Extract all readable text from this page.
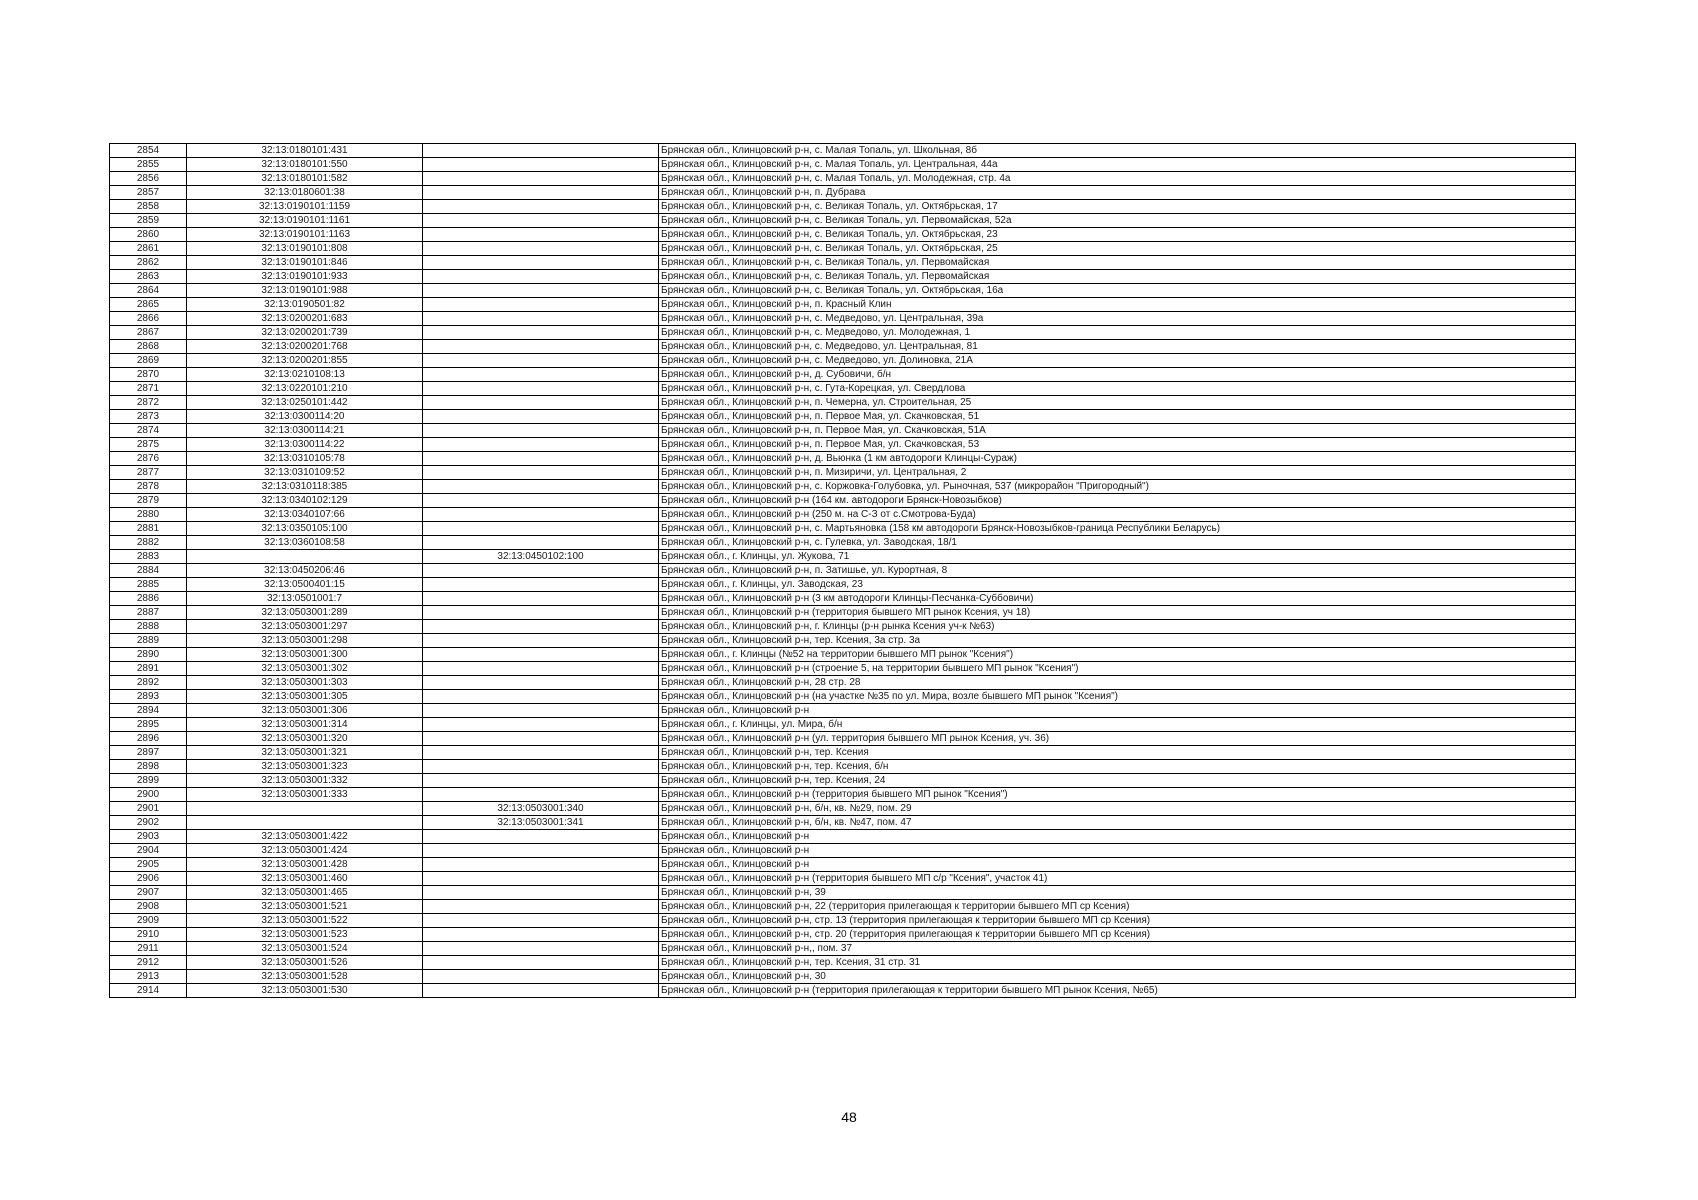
2854	32:13:0180101:431		Брянская обл., Клинцовский р-н, с. Малая Топаль, ул. Школьная, 8б
2855	32:13:0180101:550		Брянская обл., Клинцовский р-н, с. Малая Топаль, ул. Центральная, 44а
2856	32:13:0180101:582		Брянская обл., Клинцовский р-н, с. Малая Топаль, ул. Молодежная, стр. 4а
2857	32:13:0180601:38		Брянская обл., Клинцовский р-н, п. Дубрава
2858	32:13:0190101:1159		Брянская обл., Клинцовский р-н, с. Великая Топаль, ул. Октябрьская, 17
2859	32:13:0190101:1161		Брянская обл., Клинцовский р-н, с. Великая Топаль, ул. Первомайская, 52а
2860	32:13:0190101:1163		Брянская обл., Клинцовский р-н, с. Великая Топаль, ул. Октябрьская, 23
2861	32:13:0190101:808		Брянская обл., Клинцовский р-н, с. Великая Топаль, ул. Октябрьская, 25
2862	32:13:0190101:846		Брянская обл., Клинцовский р-н, с. Великая Топаль, ул. Первомайская
2863	32:13:0190101:933		Брянская обл., Клинцовский р-н, с. Великая Топаль, ул. Первомайская
2864	32:13:0190101:988		Брянская обл., Клинцовский р-н, с. Великая Топаль, ул. Октябрьская, 16а
2865	32:13:0190501:82		Брянская обл., Клинцовский р-н, п. Красный Клин
2866	32:13:0200201:683		Брянская обл., Клинцовский р-н, с. Медведово, ул. Центральная, 39а
2867	32:13:0200201:739		Брянская обл., Клинцовский р-н, с. Медведово, ул. Молодежная, 1
2868	32:13:0200201:768		Брянская обл., Клинцовский р-н, с. Медведово, ул. Центральная, 81
2869	32:13:0200201:855		Брянская обл., Клинцовский р-н, с. Медведово, ул. Долиновка, 21А
2870	32:13:0210108:13		Брянская обл., Клинцовский р-н, д. Субовичи, б/н
2871	32:13:0220101:210		Брянская обл., Клинцовский р-н, с. Гута-Корецкая, ул. Свердлова
2872	32:13:0250101:442		Брянская обл., Клинцовский р-н, п. Чемерна, ул. Строительная, 25
2873	32:13:0300114:20		Брянская обл., Клинцовский р-н, п. Первое Мая, ул. Скачковская, 51
2874	32:13:0300114:21		Брянская обл., Клинцовский р-н, п. Первое Мая, ул. Скачковская, 51А
2875	32:13:0300114:22		Брянская обл., Клинцовский р-н, п. Первое Мая, ул. Скачковская, 53
2876	32:13:0310105:78		Брянская обл., Клинцовский р-н, д. Вьюнка (1 км автодороги Клинцы-Сураж)
2877	32:13:0310109:52		Брянская обл., Клинцовский р-н, п. Мизиричи, ул. Центральная, 2
2878	32:13:0310118:385		Брянская обл., Клинцовский р-н, с. Коржовка-Голубовка, ул. Рыночная, 537 (микрорайон "Пригородный")
2879	32:13:0340102:129		Брянская обл., Клинцовский р-н (164 км. автодороги Брянск-Новозыбков)
2880	32:13:0340107:66		Брянская обл., Клинцовский р-н (250 м. на С-З от с.Смотрова-Буда)
2881	32:13:0350105:100		Брянская обл., Клинцовский р-н, с. Мартьяновка (158 км автодороги Брянск-Новозыбков-граница Республики Беларусь)
2882	32:13:0360108:58		Брянская обл., Клинцовский р-н, с. Гулевка, ул. Заводская, 18/1
2883		32:13:0450102:100	Брянская обл., г. Клинцы, ул. Жукова, 71
2884	32:13:0450206:46		Брянская обл., Клинцовский р-н, п. Затишье, ул. Курортная, 8
2885	32:13:0500401:15		Брянская обл., г. Клинцы, ул. Заводская, 23
2886	32:13:0501001:7		Брянская обл., Клинцовский р-н (3 км автодороги Клинцы-Песчанка-Суббовичи)
2887	32:13:0503001:289		Брянская обл., Клинцовский р-н (территория бывшего МП рынок Ксения, уч 18)
2888	32:13:0503001:297		Брянская обл., Клинцовский р-н, г. Клинцы (р-н рынка Ксения уч-к №63)
2889	32:13:0503001:298		Брянская обл., Клинцовский р-н, тер. Ксения, 3а стр. 3а
2890	32:13:0503001:300		Брянская обл., г. Клинцы (№52 на территории бывшего МП рынок "Ксения")
2891	32:13:0503001:302		Брянская обл., Клинцовский р-н (строение 5, на территории бывшего МП рынок "Ксения")
2892	32:13:0503001:303		Брянская обл., Клинцовский р-н, 28 стр. 28
2893	32:13:0503001:305		Брянская обл., Клинцовский р-н (на участке №35 по ул. Мира, возле бывшего МП рынок "Ксения")
2894	32:13:0503001:306		Брянская обл., Клинцовский р-н
2895	32:13:0503001:314		Брянская обл., г. Клинцы, ул. Мира, б/н
2896	32:13:0503001:320		Брянская обл., Клинцовский р-н (ул. территория бывшего МП рынок Ксения, уч. 36)
2897	32:13:0503001:321		Брянская обл., Клинцовский р-н, тер. Ксения
2898	32:13:0503001:323		Брянская обл., Клинцовский р-н, тер. Ксения, б/н
2899	32:13:0503001:332		Брянская обл., Клинцовский р-н, тер. Ксения, 24
2900	32:13:0503001:333		Брянская обл., Клинцовский р-н (территория бывшего МП рынок "Ксения")
2901		32:13:0503001:340	Брянская обл., Клинцовский р-н, б/н, кв. №29, пом. 29
2902		32:13:0503001:341	Брянская обл., Клинцовский р-н, б/н, кв. №47, пом. 47
2903	32:13:0503001:422		Брянская обл., Клинцовский р-н
2904	32:13:0503001:424		Брянская обл., Клинцовский р-н
2905	32:13:0503001:428		Брянская обл., Клинцовский р-н
2906	32:13:0503001:460		Брянская обл., Клинцовский р-н (территория бывшего МП с/р "Ксения", участок 41)
2907	32:13:0503001:465		Брянская обл., Клинцовский р-н, 39
2908	32:13:0503001:521		Брянская обл., Клинцовский р-н, 22 (территория прилегающая к территории бывшего МП ср Ксения)
2909	32:13:0503001:522		Брянская обл., Клинцовский р-н, стр. 13 (территория прилегающая к территории бывшего МП ср Ксения)
2910	32:13:0503001:523		Брянская обл., Клинцовский р-н, стр. 20 (территория прилегающая к территории бывшего МП ср Ксения)
2911	32:13:0503001:524		Брянская обл., Клинцовский р-н,, пом. 37
2912	32:13:0503001:526		Брянская обл., Клинцовский р-н, тер. Ксения, 31 стр. 31
2913	32:13:0503001:528		Брянская обл., Клинцовский р-н, 30
2914	32:13:0503001:530		Брянская обл., Клинцовский р-н (территория прилегающая к территории бывшего МП рынок Ксения, №65)
48
